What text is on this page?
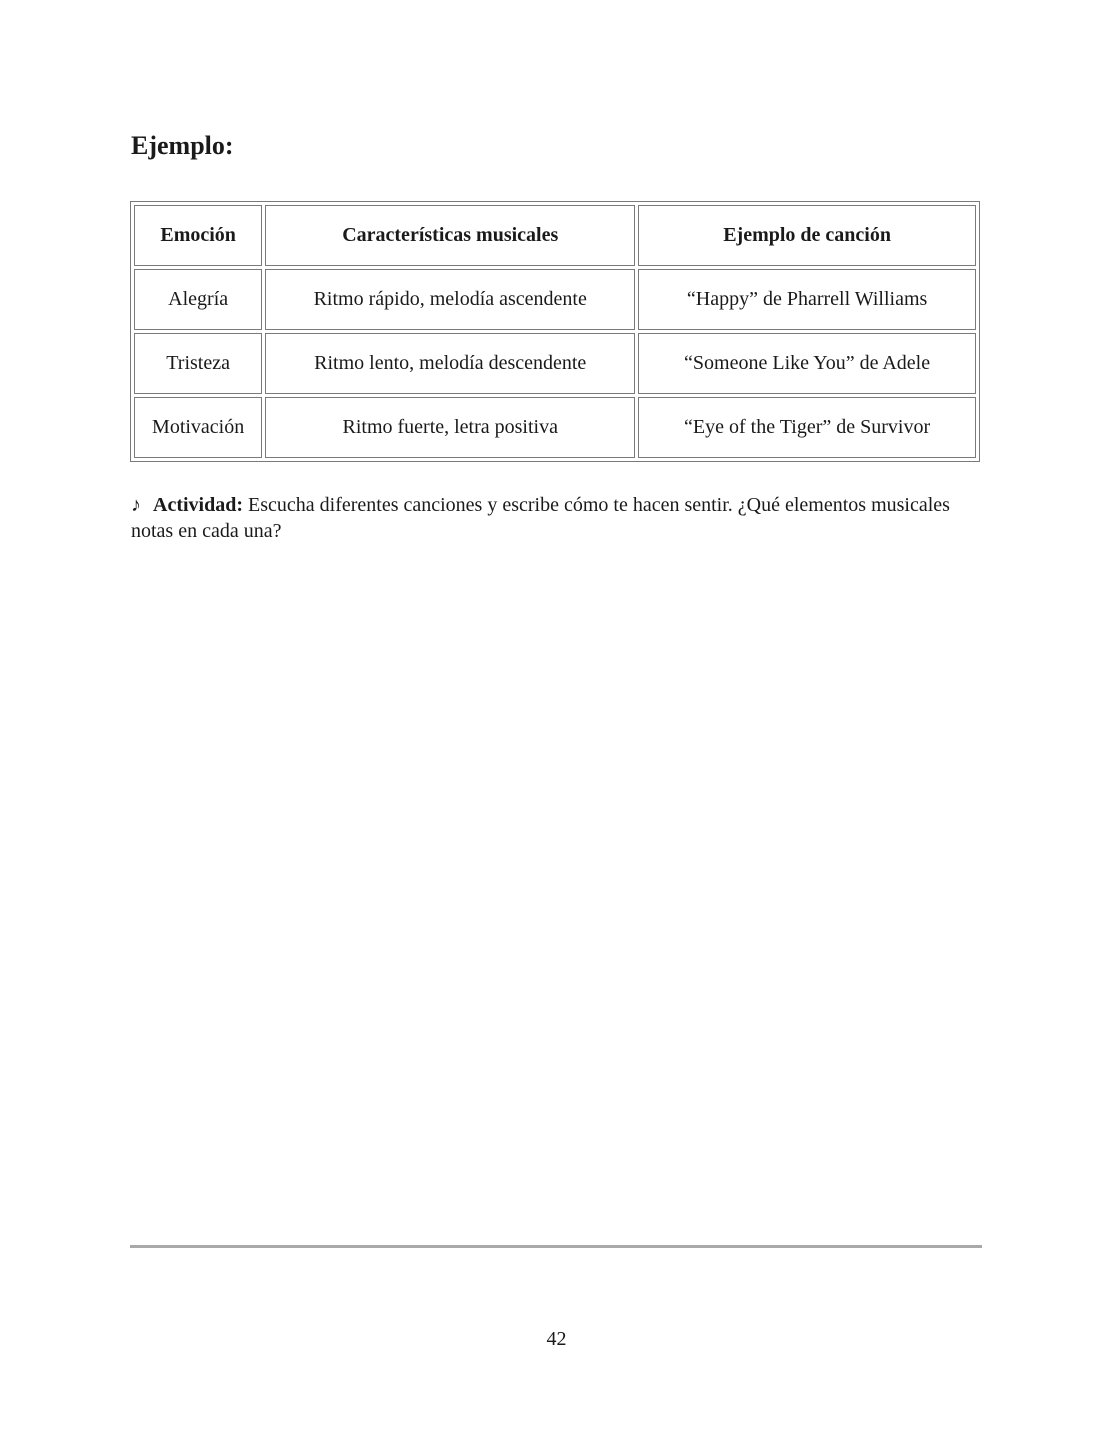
Ejemplo:
Emoción	Características musicales	Ejemplo de canción
Alegría	Ritmo rápido, melodía ascendente	“Happy” de Pharrell Williams
Tristeza	Ritmo lento, melodía descendente	“Someone Like You” de Adele
Motivación	Ritmo fuerte, letra positiva	“Eye of the Tiger” de Survivor

♪ Actividad: Escucha diferentes canciones y escribe cómo te hacen sentir. ¿Qué elementos musicales notas en cada una?

42
